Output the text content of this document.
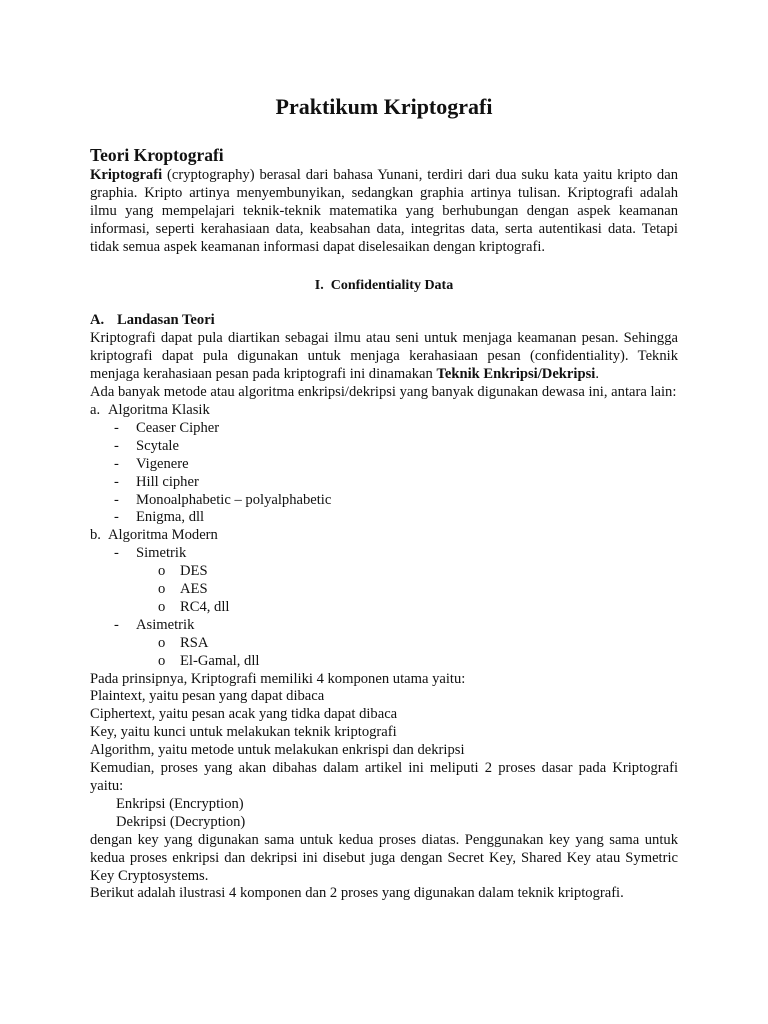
Praktikum Kriptografi
Teori Kroptografi

Kriptografi (cryptography) berasal dari bahasa Yunani, terdiri dari dua suku kata yaitu kripto dan graphia. Kripto artinya menyembunyikan, sedangkan graphia artinya tulisan. Kriptografi adalah ilmu yang mempelajari teknik-teknik matematika yang berhubungan dengan aspek keamanan informasi, seperti kerahasiaan data, keabsahan data, integritas data, serta autentikasi data. Tetapi tidak semua aspek keamanan informasi dapat diselesaikan dengan kriptografi.

I. Confidentiality Data
A. Landasan Teori

Kriptografi dapat pula diartikan sebagai ilmu atau seni untuk menjaga keamanan pesan. Sehingga kriptografi dapat pula digunakan untuk menjaga kerahasiaan pesan (confidentiality). Teknik menjaga kerahasiaan pesan pada kriptografi ini dinamakan Teknik Enkripsi/Dekripsi.

Ada banyak metode atau algoritma enkripsi/dekripsi yang banyak digunakan dewasa ini, antara lain:

a. Algoritma Klasik
- Ceaser Cipher
- Scytale
- Vigenere
- Hill cipher
- Monoalphabetic – polyalphabetic
- Enigma, dll
b. Algoritma Modern
- Simetrik
o DES
o AES
o RC4, dll
- Asimetrik
o RSA
o El-Gamal, dll

Pada prinsipnya, Kriptografi memiliki 4 komponen utama yaitu:

Plaintext, yaitu pesan yang dapat dibaca

Ciphertext, yaitu pesan acak yang tidka dapat dibaca

Key, yaitu kunci untuk melakukan teknik kriptografi

Algorithm, yaitu metode untuk melakukan enkrispi dan dekripsi

Kemudian, proses yang akan dibahas dalam artikel ini meliputi 2 proses dasar pada Kriptografi yaitu:

Enkripsi (Encryption)

Dekripsi (Decryption)

dengan key yang digunakan sama untuk kedua proses diatas. Penggunakan key yang sama untuk kedua proses enkripsi dan dekripsi ini disebut juga dengan Secret Key, Shared Key atau Symetric Key Cryptosystems.

Berikut adalah ilustrasi 4 komponen dan 2 proses yang digunakan dalam teknik kriptografi.
